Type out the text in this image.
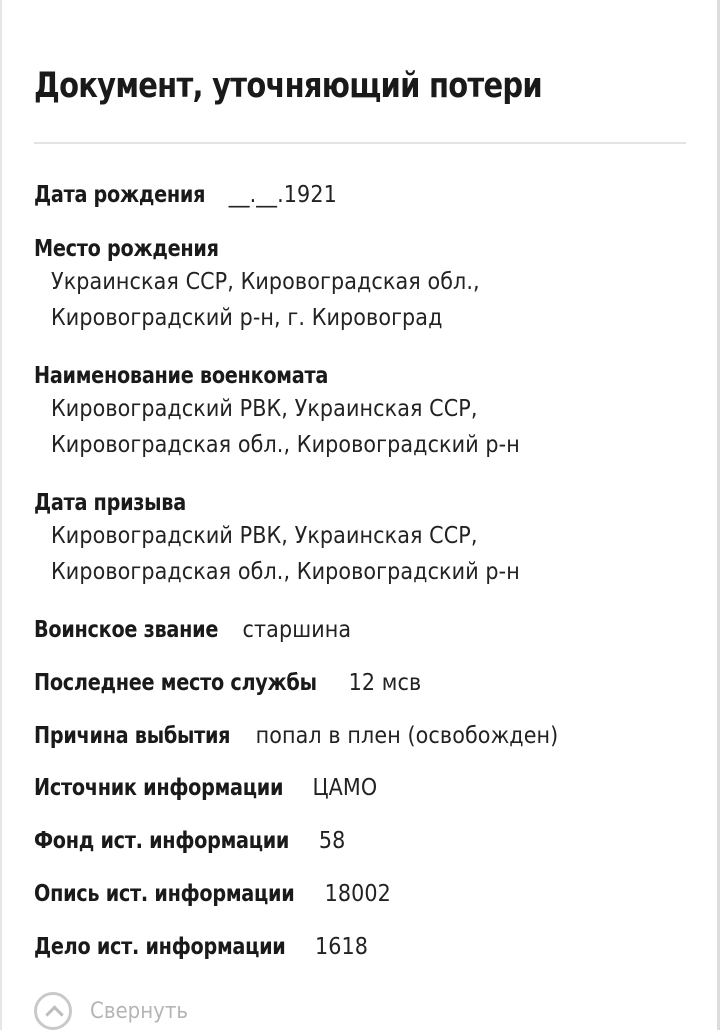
Документ, уточняющий потери
Дата рождения __.__.1921
Место рождения
Украинская ССР, Кировоградская обл.,
Кировоградский р-н, г. Кировоград
Наименование военкомата
Кировоградский РВК, Украинская ССР,
Кировоградская обл., Кировоградский р-н
Дата призыва
Кировоградский РВК, Украинская ССР,
Кировоградская обл., Кировоградский р-н
Воинское звание старшина
Последнее место службы 12 мсв
Причина выбытия попал в плен (освобожден)
Источник информации ЦАМО
Фонд ист. информации 58
Опись ист. информации 18002
Дело ист. информации 1618
Свернуть
